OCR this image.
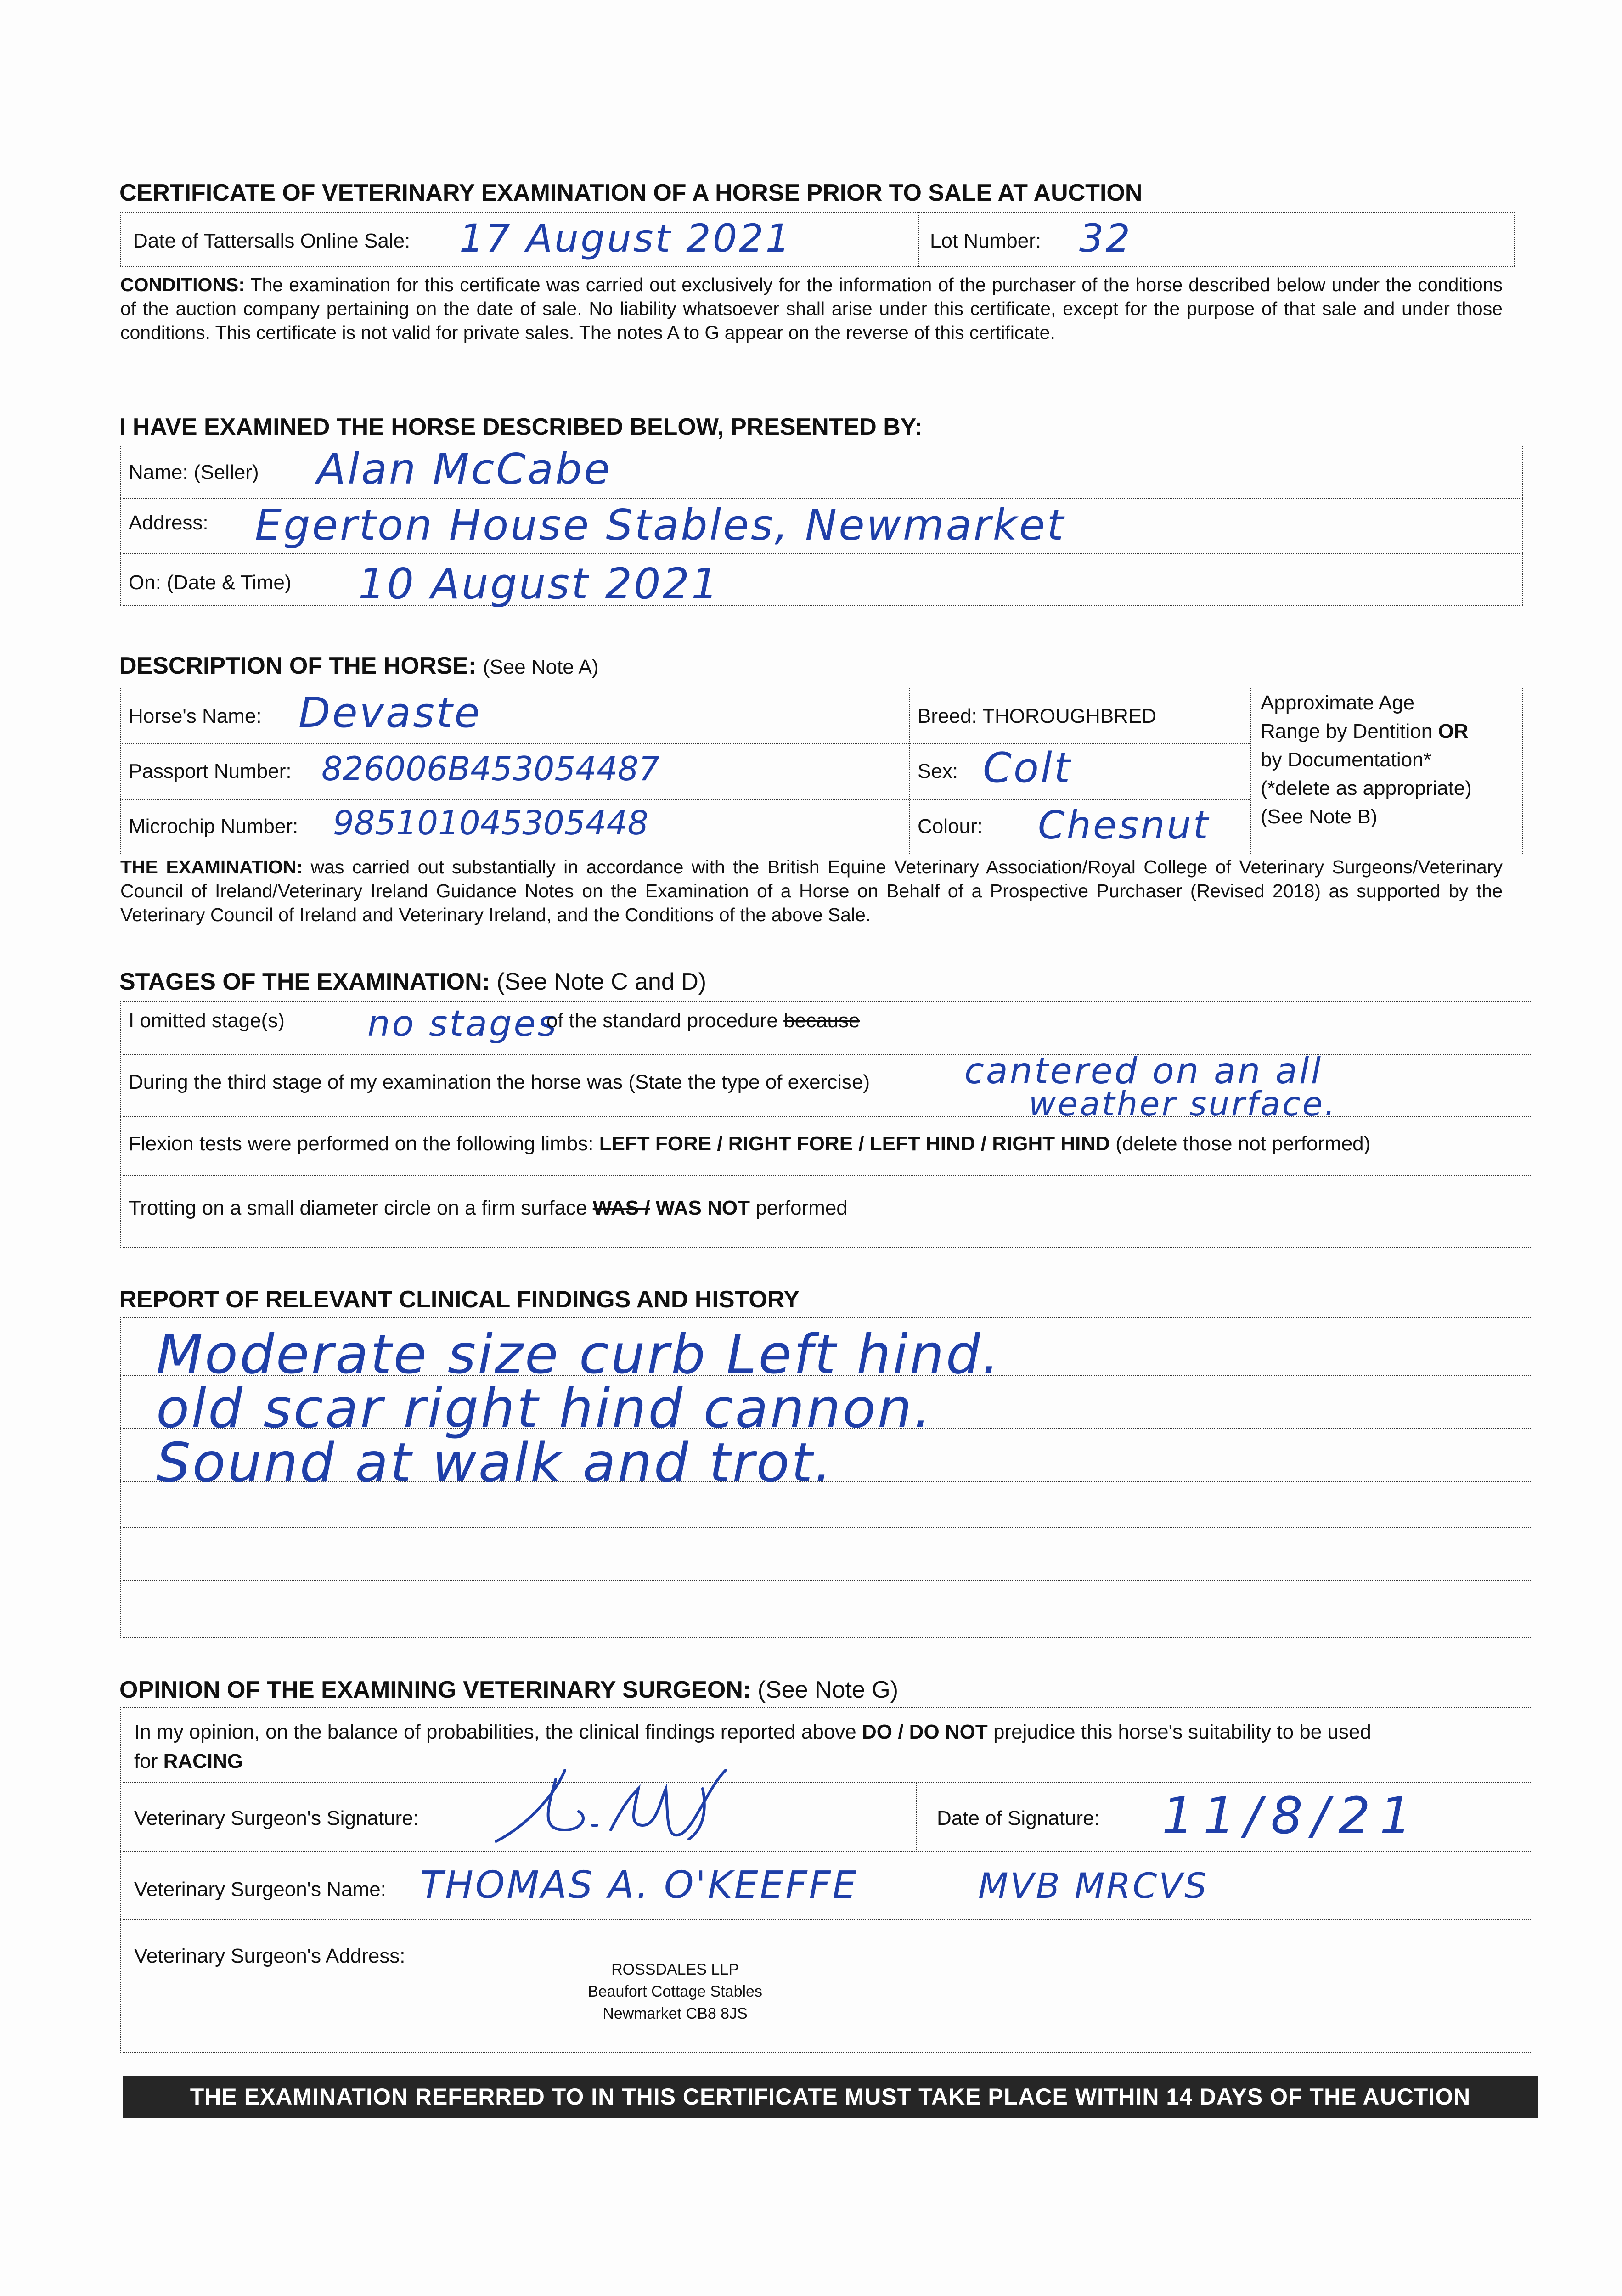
CERTIFICATE OF VETERINARY EXAMINATION OF A HORSE PRIOR TO SALE AT AUCTION
Date of Tattersalls Online Sale: 17 August 2021	Lot Number: 32
CONDITIONS: The examination for this certificate was carried out exclusively for the information of the purchaser of the horse described below under the conditions of the auction company pertaining on the date of sale. No liability whatsoever shall arise under this certificate, except for the purpose of that sale and under those conditions. This certificate is not valid for private sales. The notes A to G appear on the reverse of this certificate.
I HAVE EXAMINED THE HORSE DESCRIBED BELOW, PRESENTED BY:
Name: (Seller) Alan McCabe
Address: Egerton House Stables, Newmarket
On: (Date & Time) 10 August 2021
DESCRIPTION OF THE HORSE: (See Note A)
Horse's Name: Devaste	Breed: THOROUGHBRED
Passport Number: 826006B453054487	Sex: Colt
Microchip Number: 985101045305448	Colour: Chesnut
Approximate Age
Range by Dentition OR
by Documentation*
(*delete as appropriate)
(See Note B)
THE EXAMINATION: was carried out substantially in accordance with the British Equine Veterinary Association/Royal College of Veterinary Surgeons/Veterinary Council of Ireland/Veterinary Ireland Guidance Notes on the Examination of a Horse on Behalf of a Prospective Purchaser (Revised 2018) as supported by the Veterinary Council of Ireland and Veterinary Ireland, and the Conditions of the above Sale.
STAGES OF THE EXAMINATION: (See Note C and D)
I omitted stage(s) no stages
of the standard procedure because
During the third stage of my examination the horse was (State the type of exercise)	cantered on an all
weather surface.
Flexion tests were performed on the following limbs: LEFT FORE / RIGHT FORE / LEFT HIND / RIGHT HIND (delete those not performed)
Trotting on a small diameter circle on a firm surface WAS / WAS NOT performed
REPORT OF RELEVANT CLINICAL FINDINGS AND HISTORY
Moderate size curb Left hind.
old scar right hind cannon.
Sound at walk and trot.
OPINION OF THE EXAMINING VETERINARY SURGEON: (See Note G)
In my opinion, on the balance of probabilities, the clinical findings reported above DO / DO NOT prejudice this horse's suitability to be used
for RACING
Veterinary Surgeon's Signature:	Date of Signature: 11/8/21
Veterinary Surgeon's Name: THOMAS A. O'KEEFFE	MVB MRCVS
Veterinary Surgeon's Address:
ROSSDALES LLP
Beaufort Cottage Stables
Newmarket CB8 8JS
THE EXAMINATION REFERRED TO IN THIS CERTIFICATE MUST TAKE PLACE WITHIN 14 DAYS OF THE AUCTION
